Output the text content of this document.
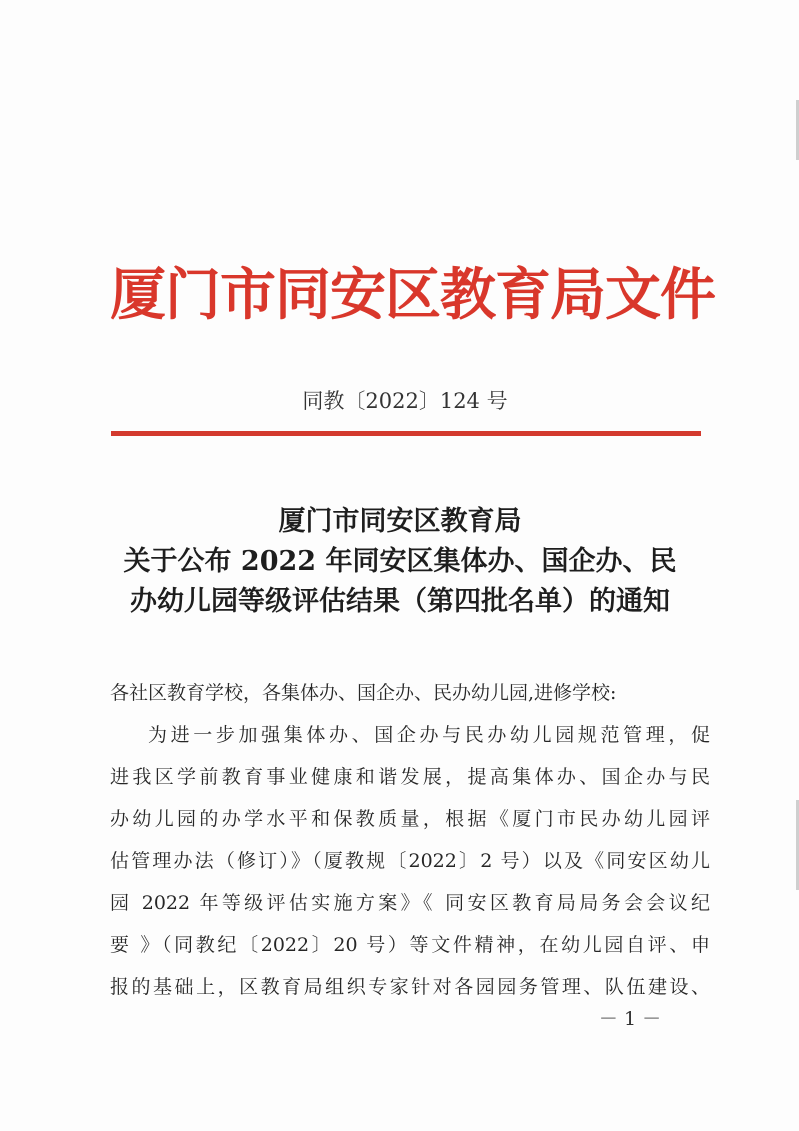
厦门市同安区教育局文件
同教〔2022〕124 号
厦门市同安区教育局
关于公布 2022 年同安区集体办、国企办、民
办幼儿园等级评估结果（第四批名单）的通知
各社区教育学校，各集体办、国企办、民办幼儿园,进修学校:
为进一步加强集体办、国企办与民办幼儿园规范管理，促
进我区学前教育事业健康和谐发展，提高集体办、国企办与民
办幼儿园的办学水平和保教质量，根据《厦门市民办幼儿园评
估管理办法（修订）》（厦教规〔2022〕2 号）以及《同安区幼儿
园 2022 年等级评估实施方案》《 同安区教育局局务会会议纪
要 》（同教纪〔2022〕20 号）等文件精神，在幼儿园自评、申
报的基础上，区教育局组织专家针对各园园务管理、队伍建设、
－ 1 －
